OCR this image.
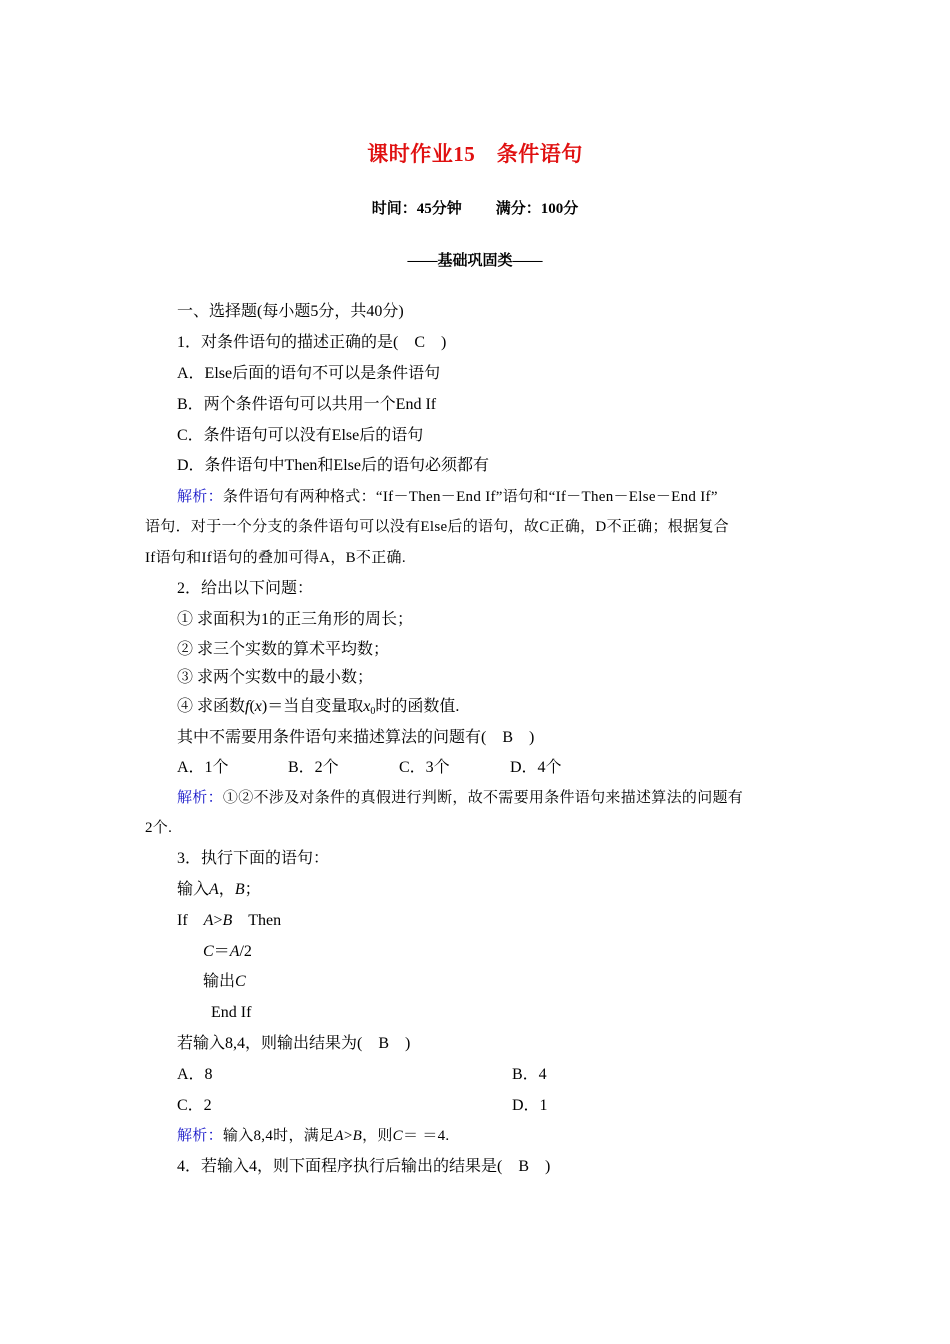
课时作业15　条件语句
时间：45分钟 满分：100分
——基础巩固类——
一、选择题(每小题5分，共40分)
1．对条件语句的描述正确的是(　C　)
A．Else后面的语句不可以是条件语句
B．两个条件语句可以共用一个End If
C．条件语句可以没有Else后的语句
D．条件语句中Then和Else后的语句必须都有
解析：条件语句有两种格式：“If－Then－End If”语句和“If－Then－Else－End If”
语句．对于一个分支的条件语句可以没有Else后的语句，故C正确，D不正确；根据复合
If语句和If语句的叠加可得A，B不正确.
2．给出以下问题：
① 求面积为1的正三角形的周长；
② 求三个实数的算术平均数；
③ 求两个实数中的最小数；
④ 求函数f(x)＝当自变量取$x_0$时的函数值.
其中不需要用条件语句来描述算法的问题有(　B　)
A．1个	B．2个	C．3个	D．4个
解析：①②不涉及对条件的真假进行判断，故不需要用条件语句来描述算法的问题有
2个.
3．执行下面的语句：
输入A，B；
If　A>B　Then
C＝A/2
输出C
End If
若输入8,4，则输出结果为(　B　)
A．8	B．4
C．2	D．1
解析：输入8,4时，满足A>B，则C＝ ＝4.
4．若输入4，则下面程序执行后输出的结果是(　B　)
